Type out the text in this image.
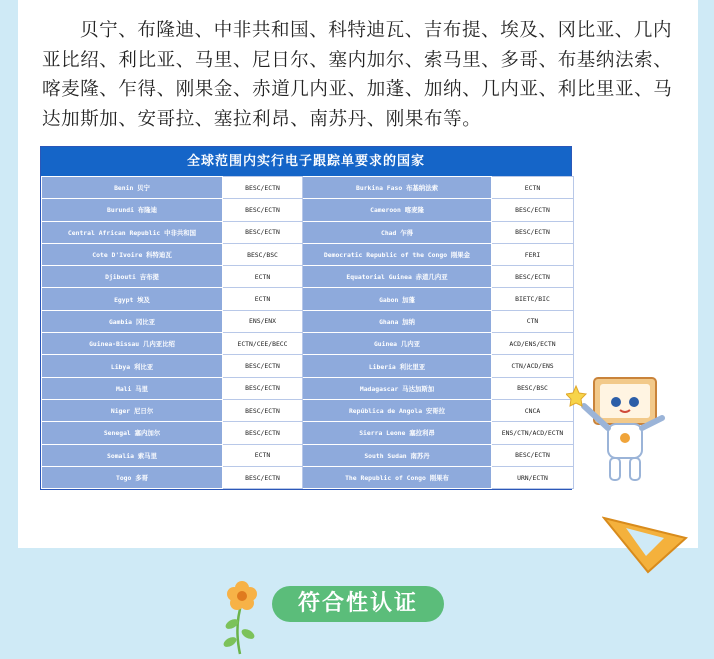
贝宁、布隆迪、中非共和国、科特迪瓦、吉布提、埃及、冈比亚、几内亚比绍、利比亚、马里、尼日尔、塞内加尔、索马里、多哥、布基纳法索、喀麦隆、乍得、刚果金、赤道几内亚、加蓬、加纳、几内亚、利比里亚、马达加斯加、安哥拉、塞拉利昂、南苏丹、刚果布等。

全球范围内实行电子跟踪单要求的国家
Benin 贝宁	BESC/ECTN	Burkina Faso 布基纳法索	ECTN
Burundi 布隆迪	BESC/ECTN	Cameroon 喀麦隆	BESC/ECTN
Central African Republic 中非共和国	BESC/ECTN	Chad 乍得	BESC/ECTN
Cote D'Ivoire 科特迪瓦	BESC/BSC	Democratic Republic of the Congo 刚果金	FERI
Djibouti 吉布提	ECTN	Equatorial Guinea 赤道几内亚	BESC/ECTN
Egypt 埃及	ECTN	Gabon 加蓬	BIETC/BIC
Gambia 冈比亚	ENS/ENX	Ghana 加纳	CTN
Guinea-Bissau 几内亚比绍	ECTN/CEE/BECC	Guinea 几内亚	ACD/ENS/ECTN
Libya 利比亚	BESC/ECTN	Liberia 利比里亚	CTN/ACD/ENS
Mali 马里	BESC/ECTN	Madagascar 马达加斯加	BESC/BSC
Niger 尼日尔	BESC/ECTN	República de Angola 安哥拉	CNCA
Senegal 塞内加尔	BESC/ECTN	Sierra Leone 塞拉利昂	ENS/CTN/ACD/ECTN
Somalia 索马里	ECTN	South Sudan 南苏丹	BESC/ECTN
Togo 多哥	BESC/ECTN	The Republic of Congo 刚果布	URN/ECTN
符合性认证
